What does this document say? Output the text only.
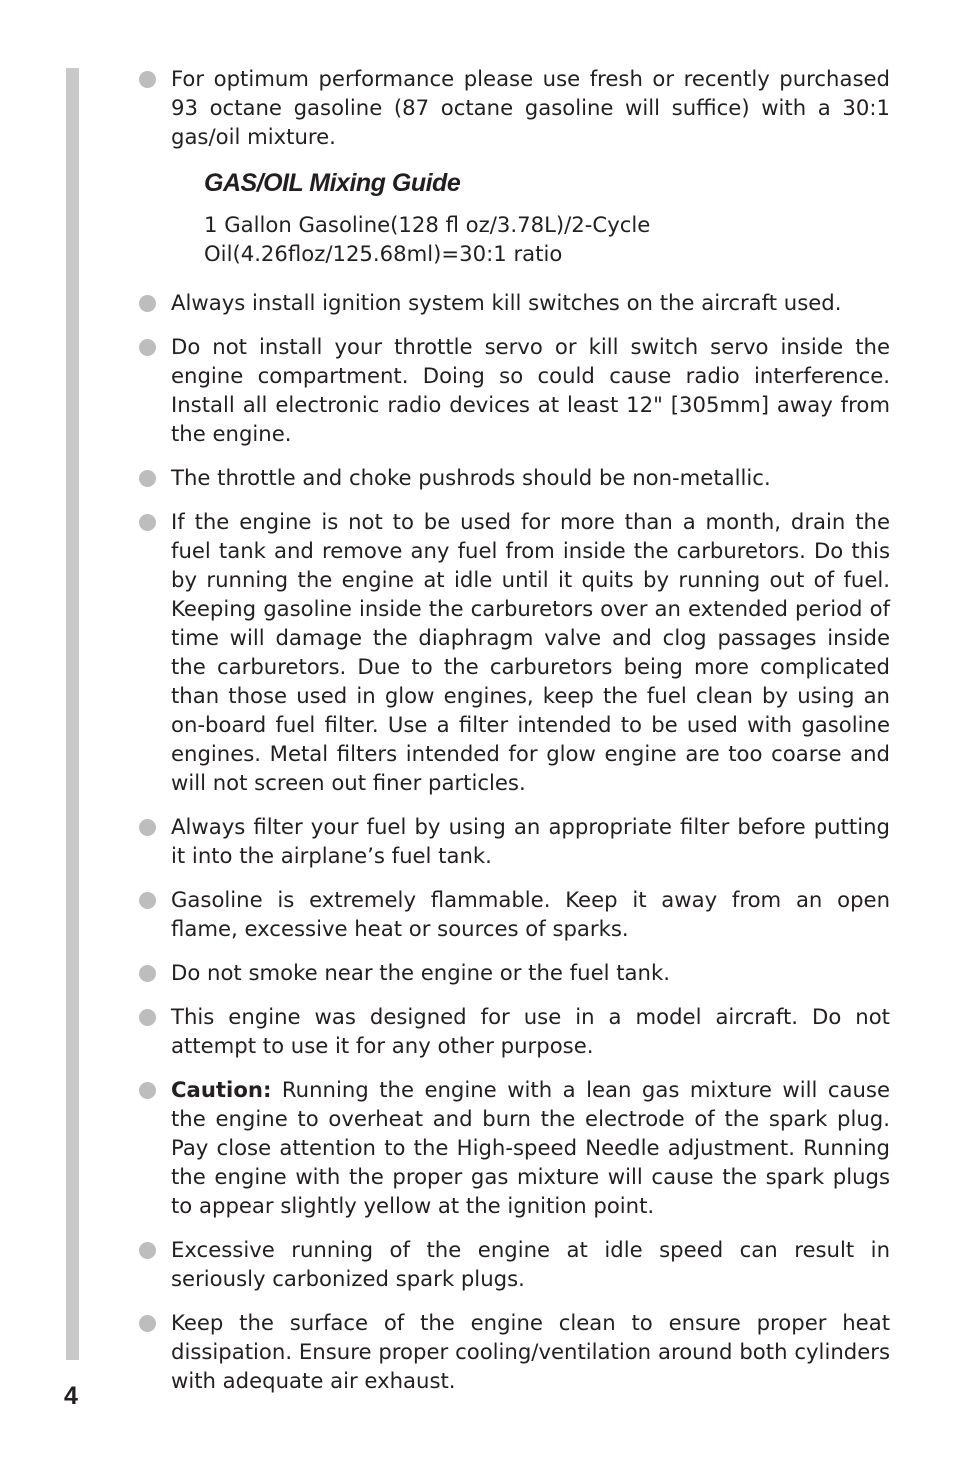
For optimum performance please use fresh or recently purchased 93 octane gasoline (87 octane gasoline will suffice) with a 30:1 gas/oil mixture.
GAS/OIL Mixing Guide
1 Gallon Gasoline(128 fl oz/3.78L)/2-Cycle
Oil(4.26floz/125.68ml)=30:1 ratio
Always install ignition system kill switches on the aircraft used.
Do not install your throttle servo or kill switch servo inside the engine compartment. Doing so could cause radio interference. Install all electronic radio devices at least 12" [305mm] away from the engine.
The throttle and choke pushrods should be non-metallic.
If the engine is not to be used for more than a month, drain the fuel tank and remove any fuel from inside the carburetors. Do this by running the engine at idle until it quits by running out of fuel. Keeping gasoline inside the carburetors over an extended period of time will damage the diaphragm valve and clog passages inside the carburetors. Due to the carburetors being more complicated than those used in glow engines, keep the fuel clean by using an on-board fuel filter. Use a filter intended to be used with gasoline engines. Metal filters intended for glow engine are too coarse and will not screen out finer particles.
Always filter your fuel by using an appropriate filter before putting it into the airplane’s fuel tank.
Gasoline is extremely flammable. Keep it away from an open flame, excessive heat or sources of sparks.
Do not smoke near the engine or the fuel tank.
This engine was designed for use in a model aircraft. Do not attempt to use it for any other purpose.
Caution: Running the engine with a lean gas mixture will cause the engine to overheat and burn the electrode of the spark plug. Pay close attention to the High-speed Needle adjustment. Running the engine with the proper gas mixture will cause the spark plugs to appear slightly yellow at the ignition point.
Excessive running of the engine at idle speed can result in seriously carbonized spark plugs.
Keep the surface of the engine clean to ensure proper heat dissipation. Ensure proper cooling/ventilation around both cylinders with adequate air exhaust.
4
